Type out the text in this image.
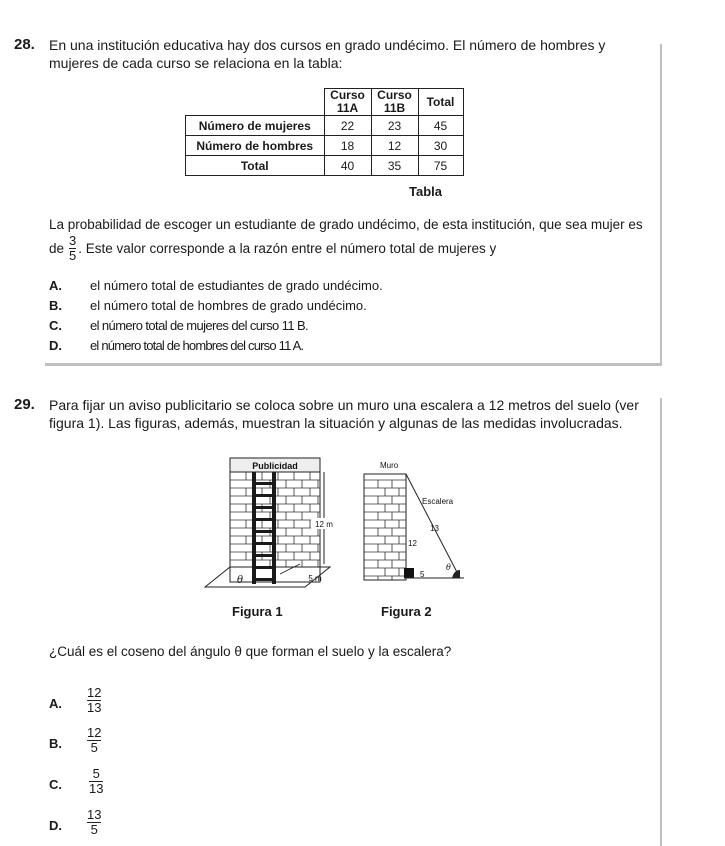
28. En una institución educativa hay dos cursos en grado undécimo. El número de hombres y
mujeres de cada curso se relaciona en la tabla:
	Curso
11A	Curso
11B	Total
Número de mujeres	22	23	45
Número de hombres	18	12	30
Total	40	35	75
Tabla
La probabilidad de escoger un estudiante de grado undécimo, de esta institución, que sea mujer es
de $\frac{3}{5}$ . Este valor corresponde a la razón entre el número total de mujeres y
A. el número total de estudiantes de grado undécimo.
B. el número total de hombres de grado undécimo.
C. el número total de mujeres del curso 11 B.
D. el número total de hombres del curso 11 A.
29. Para fijar un aviso publicitario se coloca sobre un muro una escalera a 12 metros del suelo (ver
figura 1). Las figuras, además, muestran la situación y algunas de las medidas involucradas.
Publicidad
12 m
5 m
θ
Muro
Escalera
13
12
θ
5
Figura 1	Figura 2
¿Cuál es el coseno del ángulo θ que forman el suelo y la escalera?
A.
12
13
B.
12
5
C.
5
13
D.
13
5
